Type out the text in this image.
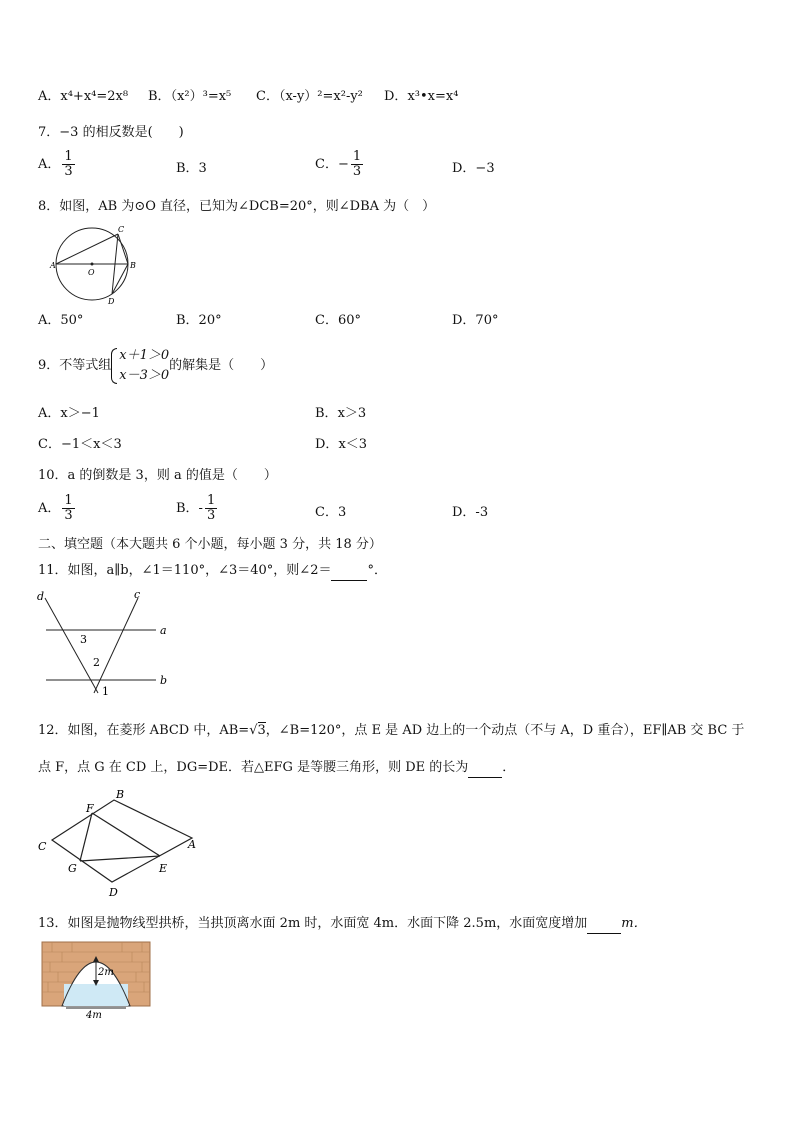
A．x⁴+x⁴=2x⁸ B．（x²）³=x⁵ C．（x-y）²=x²-y² D．x³•x=x⁴
7．−3 的相反数是(　　)
A． $\frac{1}{3}$	B．3	C．− $\frac{1}{3}$	D．−3
8．如图，AB 为⊙O 直径，已知为∠DCB=20°，则∠DBA 为（　）
A	B
C
D
O
A．50°	B．20°	C．60°	D．70°
9．不等式组
x＋1＞0
x－3＞0
的解集是（　　）
A．x＞−1	B．x＞3
C．−1＜x＜3	D．x＜3
10．a 的倒数是 3，则 a 的值是（　　）
A． $\frac{1}{3}$	B．- $\frac{1}{3}$	C．3	D．-3
二、填空题（本大题共 6 个小题，每小题 3 分，共 18 分）
11．如图，a∥b，∠1＝110°，∠3＝40°，则∠2＝	°．
d	c
a
b
3
2
1
12．如图，在菱形 ABCD 中，AB=√3，∠B=120°，点 E 是 AD 边上的一个动点（不与 A，D 重合），EF∥AB 交 BC 于
点 F，点 G 在 CD 上，DG=DE．若△EFG 是等腰三角形，则 DE 的长为	．
B
F
C	A
G	E
D
13．如图是抛物线型拱桥，当拱顶离水面 2m 时，水面宽 4m．水面下降 2.5m，水面宽度增加	m．
2m
4m
